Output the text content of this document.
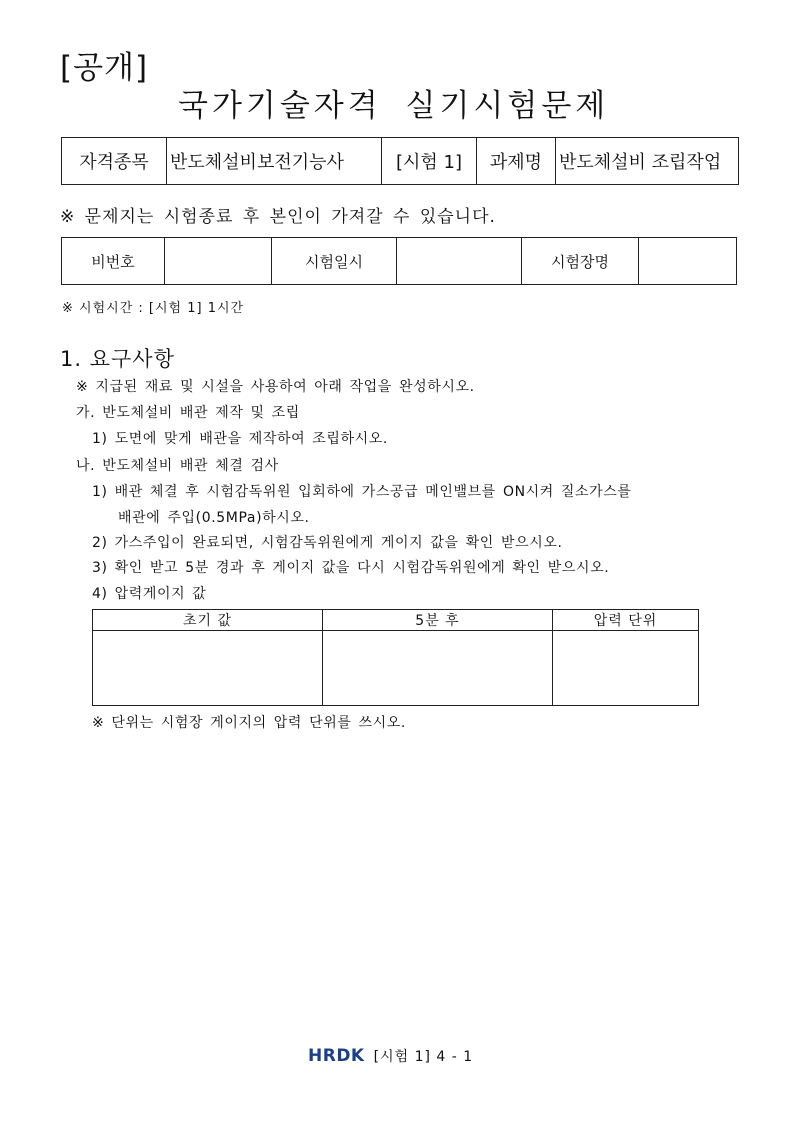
[공개]
국가기술자격 실기시험문제
자격종목	반도체설비보전기능사	[시험 1]	과제명	반도체설비 조립작업
※ 문제지는 시험종료 후 본인이 가져갈 수 있습니다.
비번호		시험일시		시험장명	
※ 시험시간 : [시험 1] 1시간
1. 요구사항
※ 지급된 재료 및 시설을 사용하여 아래 작업을 완성하시오.
가. 반도체설비 배관 제작 및 조립
1) 도면에 맞게 배관을 제작하여 조립하시오.
나. 반도체설비 배관 체결 검사
1) 배관 체결 후 시험감독위원 입회하에 가스공급 메인밸브를 ON시켜 질소가스를
배관에 주입(0.5MPa)하시오.
2) 가스주입이 완료되면, 시험감독위원에게 게이지 값을 확인 받으시오.
3) 확인 받고 5분 경과 후 게이지 값을 다시 시험감독위원에게 확인 받으시오.
4) 압력게이지 값
초기 값	5분 후	압력 단위

※ 단위는 시험장 게이지의 압력 단위를 쓰시오.
HRDK [시험 1] 4 - 1
